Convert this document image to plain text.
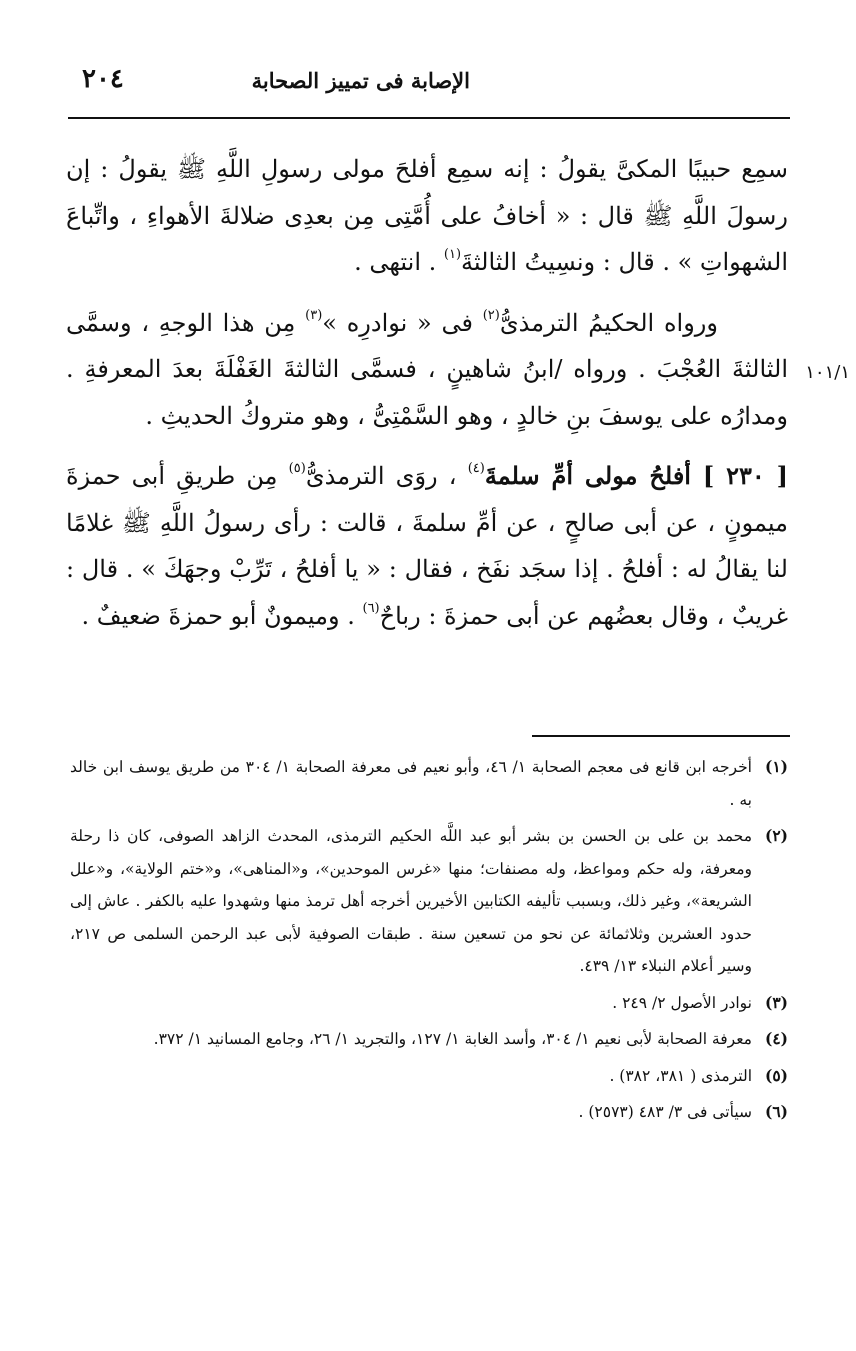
٢٠٤	الإصابة فى تمييز الصحابة
١٠١/١

سمِع حبيبًا المكىَّ يقولُ : إنه سمِع أفلحَ مولى رسولِ اللَّهِ ﷺ يقولُ : إن رسولَ اللَّهِ ﷺ قال : « أخافُ على أُمَّتِى مِن بعدِى ضلالةَ الأهواءِ ، واتِّباعَ الشهواتِ » . قال : ونسِيتُ الثالثةَ$^{(١)}$ . انتهى .

ورواه الحكيمُ الترمذىُّ$^{(٢)}$ فى « نوادرِه »$^{(٣)}$ مِن هذا الوجهِ ، وسمَّى الثالثةَ العُجْبَ . ورواه /ابنُ شاهينٍ ، فسمَّى الثالثةَ الغَفْلَةَ بعدَ المعرفةِ . ومدارُه على يوسفَ بنِ خالدٍ ، وهو السَّمْتِىُّ ، وهو متروكُ الحديثِ .

[ ٢٣٠ ] أفلحُ مولى أمِّ سلمةَ$^{(٤)}$ ، روَى الترمذىُّ$^{(٥)}$ مِن طريقِ أبى حمزةَ ميمونٍ ، عن أبى صالحٍ ، عن أمِّ سلمةَ ، قالت : رأى رسولُ اللَّهِ ﷺ غلامًا لنا يقالُ له : أفلحُ . إذا سجَد نفَخ ، فقال : « يا أفلحُ ، تَرِّبْ وجهَكَ » . قال : غريبٌ ، وقال بعضُهم عن أبى حمزةَ : رباحٌ$^{(٦)}$ . وميمونٌ أبو حمزةَ ضعيفٌ .

(١)أخرجه ابن قانع فى معجم الصحابة ١/ ٤٦، وأبو نعيم فى معرفة الصحابة ١/ ٣٠٤ من طريق يوسف ابن خالد به .

(٢)محمد بن على بن الحسن بن بشر أبو عبد اللَّه الحكيم الترمذى، المحدث الزاهد الصوفى، كان ذا رحلة ومعرفة، وله حكم ومواعظ، وله مصنفات؛ منها «غرس الموحدين»، و«المناهى»، و«ختم الولاية»، و«علل الشريعة»، وغير ذلك، وبسبب تأليفه الكتابين الأخيرين أخرجه أهل ترمذ منها وشهدوا عليه بالكفر . عاش إلى حدود العشرين وثلاثمائة عن نحو من تسعين سنة . طبقات الصوفية لأبى عبد الرحمن السلمى ص ٢١٧، وسير أعلام النبلاء ١٣/ ٤٣٩.

(٣)نوادر الأصول ٢/ ٢٤٩ .

(٤)معرفة الصحابة لأبى نعيم ١/ ٣٠٤، وأسد الغابة ١/ ١٢٧، والتجريد ١/ ٢٦، وجامع المسانيد ١/ ٣٧٢.

(٥)الترمذى ( ٣٨١، ٣٨٢) .

(٦)سيأتى فى ٣/ ٤٨٣ (٢٥٧٣) .
